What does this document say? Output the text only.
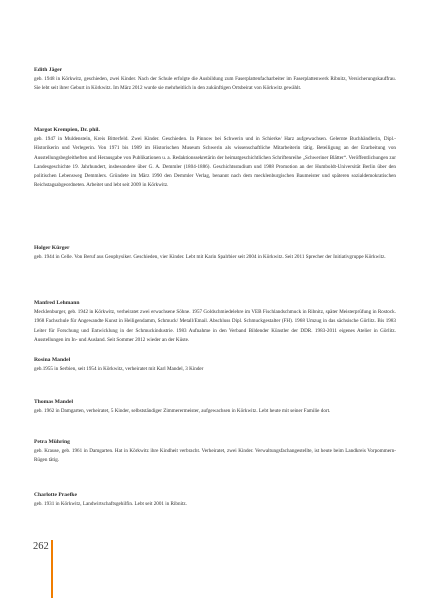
Edith Jäger

geb. 1948 in Körkwitz, geschieden, zwei Kinder. Nach der Schule erfolgte die Ausbildung zum Faserplattenfacharbeiter im Faserplattenwerk Ribnitz, Versicherungskauffrau. Sie lebt seit ihrer Geburt in Körkwitz. Im März 2012 wurde sie mehrheitlich in den zukünftigen Ortsbeirat von Körkwitz gewählt.

Margot Krempien, Dr. phil.

geb. 1947 in Muldenstein, Kreis Bitterfeld. Zwei Kinder. Geschieden. In Pinnow bei Schwerin und in Schierke/ Harz aufgewachsen. Gelernte Buchhändlerin, Dipl.-Historikerin und Verlegerin. Von 1971 bis 1989 im Historischen Museum Schwerin als wissenschaftliche Mitarbeiterin tätig. Beteiligung an der Erarbeitung von Ausstellungsbegleitheften und Herausgabe von Publikationen u. a. Redaktionssekretärin der heimatgeschichtlichen Schriftenreihe „Schweriner Blätter“. Veröffentlichungen zur Landesgeschichte 19. Jahrhundert, insbesondere über G. A. Demmler (1804-1886). Geschichtsstudium und 1988 Promotion an der Humboldt-Universität Berlin über den politischen Lebensweg Demmlers. Gründete im März 1990 den Demmler Verlag, benannt nach dem mecklenburgischen Baumeister und späteren sozialdemokratischen Reichstagsabgeordneten. Arbeitet und lebt seit 2009 in Körkwitz.

Holger Kürger

geb. 1944 in Celle. Von Beruf aus Geophysiker. Geschieden, vier Kinder. Lebt mit Karin Spalrbier seit 2004 in Körkwitz. Seit 2011 Sprecher der Initiativgruppe Körkwitz.

Manfred Lehmann

Mecklenburger, geb. 1942 in Körkwitz, verheiratet zwei erwachsene Söhne. 1957 Goldschmiedelehre im VEB Fischlandschmuck in Ribnitz, später Meisterprüfung in Rostock. 1968 Fachschule für Angewandte Kunst in Heiligendamm, Schmuck/ Metall/Email. Abschluss Dipl. Schmuckgestalter (FH). 1968 Umzug in das sächsische Görlitz. Bis 1983 Leiter für Forschung und Entwicklung in der Schmuckindustrie. 1983 Aufnahme in den Verband Bildender Künstler der DDR. 1983-2011 eigenes Atelier in Görlitz. Ausstellungen im In- und Ausland. Seit Sommer 2012 wieder an der Küste.

Rosina Mandel

geb.1955 in Serbien, seit 1954 in Körkwitz, verheiratet mit Karl Mandel, 3 Kinder

Thomas Mandel

geb. 1962 in Damgarten, verheiratet, 5 Kinder, selbstständiger Zimmerermeister, aufgewachsen in Körkwitz. Lebt heute mit seiner Familie dort.

Petra Mühring

geb. Krause, geb. 1961 in Damgarten. Hat in Körkwitz ihre Kindheit verbracht. Verheiratet, zwei Kinder. Verwaltungsfachangestellte, ist heute beim Landkreis Vorpommern-Rügen tätig.

Charlotte Praefke

geb. 1931 in Körkwitz, Landwirtschaftsgehilfin. Lebt seit 2001 in Ribnitz.

262
